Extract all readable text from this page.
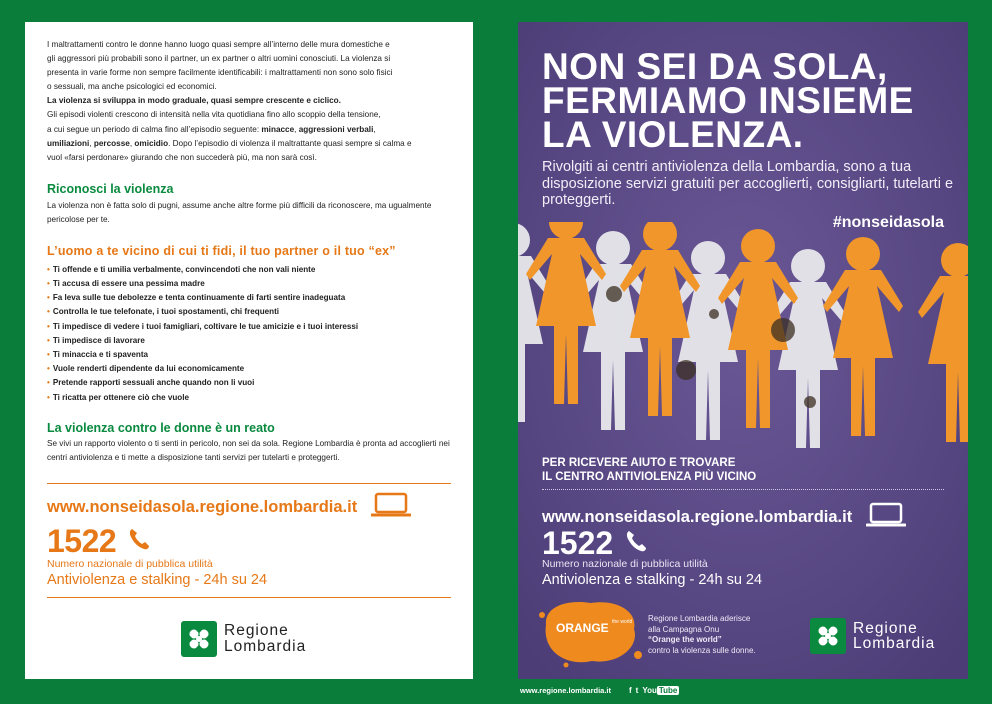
I maltrattamenti contro le donne hanno luogo quasi sempre all’interno delle mura domestiche e

gli aggressori più probabili sono il partner, un ex partner o altri uomini conosciuti. La violenza si

presenta in varie forme non sempre facilmente identificabili: i maltrattamenti non sono solo fisici

o sessuali, ma anche psicologici ed economici.

La violenza si sviluppa in modo graduale, quasi sempre crescente e ciclico.

Gli episodi violenti crescono di intensità nella vita quotidiana fino allo scoppio della tensione,

a cui segue un periodo di calma fino all’episodio seguente: minacce, aggressioni verbali,

umiliazioni, percosse, omicidio. Dopo l’episodio di violenza il maltrattante quasi sempre si calma e

vuol «farsi perdonare» giurando che non succederà più, ma non sarà così.

Riconosci la violenza
La violenza non è fatta solo di pugni, assume anche altre forme più difficili da riconoscere, ma ugualmente pericolose per te.
L’uomo a te vicino di cui ti fidi, il tuo partner o il tuo “ex”
• Ti offende e ti umilia verbalmente, convincendoti che non vali niente
• Ti accusa di essere una pessima madre
• Fa leva sulle tue debolezze e tenta continuamente di farti sentire inadeguata
• Controlla le tue telefonate, i tuoi spostamenti, chi frequenti
• Ti impedisce di vedere i tuoi famigliari, coltivare le tue amicizie e i tuoi interessi
• Ti impedisce di lavorare
• Ti minaccia e ti spaventa
• Vuole renderti dipendente da lui economicamente
• Pretende rapporti sessuali anche quando non li vuoi
• Ti ricatta per ottenere ciò che vuole
La violenza contro le donne è un reato
Se vivi un rapporto violento o ti senti in pericolo, non sei da sola. Regione Lombardia è pronta ad accoglierti nei centri antiviolenza e ti mette a disposizione tanti servizi per tutelarti e proteggerti.
www.nonseidasola.regione.lombardia.it
1522
Numero nazionale di pubblica utilità
Antiviolenza e stalking - 24h su 24
Regione
Lombardia
NON SEI DA SOLA,
FERMIAMO INSIEME
LA VIOLENZA.
Rivolgiti ai centri antiviolenza della Lombardia, sono a tua disposizione servizi gratuiti per accoglierti, consigliarti, tutelarti e proteggerti.
#nonseidasola
PER RICEVERE AIUTO E TROVARE
IL CENTRO ANTIVIOLENZA PIÙ VICINO
www.nonseidasola.regione.lombardia.it
1522
Numero nazionale di pubblica utilità
Antiviolenza e stalking - 24h su 24
ORANGE the world Regione Lombardia aderisce
alla Campagna Onu
“Orange the world”
contro la violenza sulle donne.
Regione
Lombardia
www.regione.lombardia.it f t You Tube
